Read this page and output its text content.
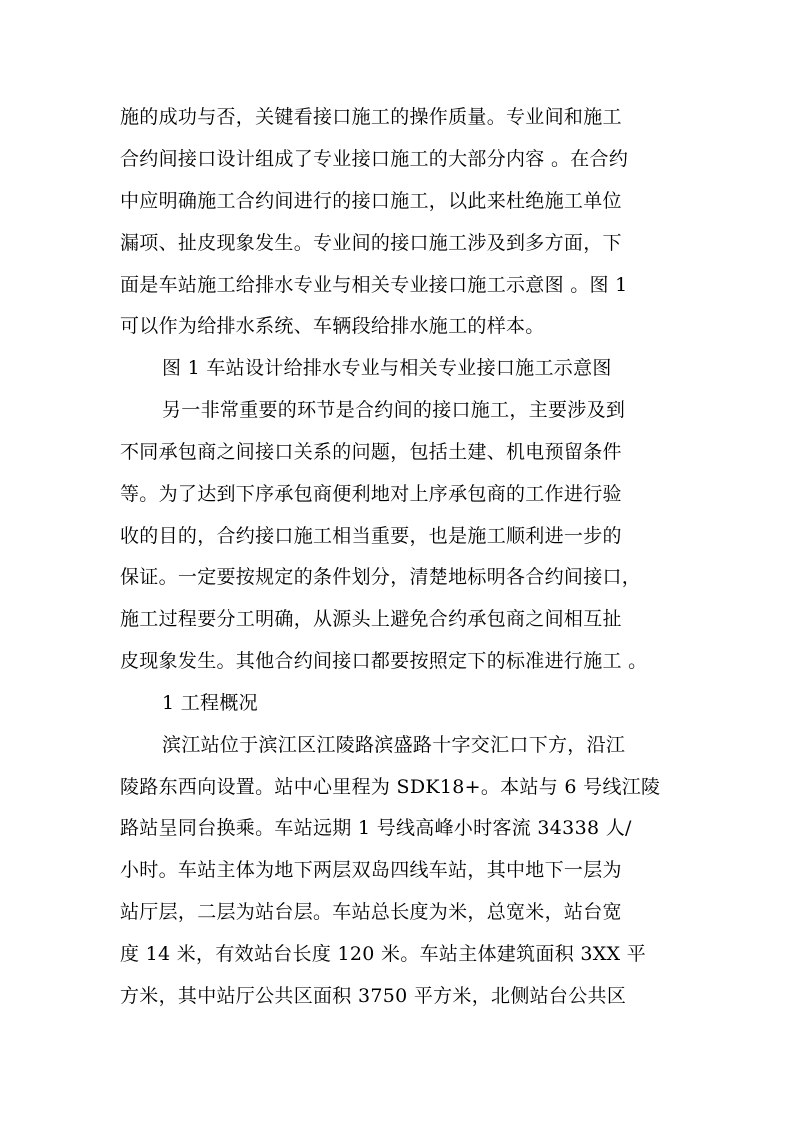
施的成功与否，关键看接口施工的操作质量。专业间和施工
合约间接口设计组成了专业接口施工的大部分内容 。在合约
中应明确施工合约间进行的接口施工，以此来杜绝施工单位
漏项、扯皮现象发生。专业间的接口施工涉及到多方面，下
面是车站施工给排水专业与相关专业接口施工示意图 。图 1
可以作为给排水系统、车辆段给排水施工的样本。
图 1 车站设计给排水专业与相关专业接口施工示意图
另一非常重要的环节是合约间的接口施工，主要涉及到
不同承包商之间接口关系的问题，包括土建、机电预留条件
等。为了达到下序承包商便利地对上序承包商的工作进行验
收的目的，合约接口施工相当重要，也是施工顺利进一步的
保证。一定要按规定的条件划分，清楚地标明各合约间接口，
施工过程要分工明确，从源头上避免合约承包商之间相互扯
皮现象发生。其他合约间接口都要按照定下的标准进行施工 。
1 工程概况
滨江站位于滨江区江陵路滨盛路十字交汇口下方，沿江
陵路东西向设置。站中心里程为 SDK18+。本站与 6 号线江陵
路站呈同台换乘。车站远期 1 号线高峰小时客流 34338 人/
小时。车站主体为地下两层双岛四线车站，其中地下一层为
站厅层，二层为站台层。车站总长度为米，总宽米，站台宽
度 14 米，有效站台长度 120 米。车站主体建筑面积 3XX 平
方米，其中站厅公共区面积 3750 平方米，北侧站台公共区
